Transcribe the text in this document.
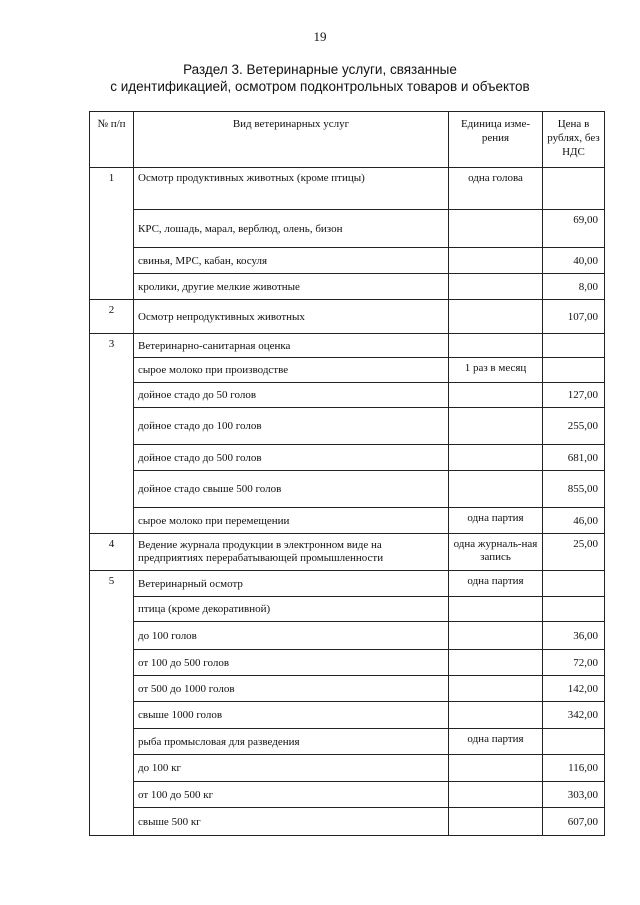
19
Раздел 3. Ветеринарные услуги, связанные
с идентификацией, осмотром подконтрольных товаров и объектов
№ п/п	Вид ветеринарных услуг	Единица изме-рения	Цена в рублях, без НДС
1	Осмотр продуктивных животных (кроме птицы)	одна голова	
	КРС, лошадь, марал, верблюд, олень, бизон		69,00
	свинья, МРС, кабан, косуля		40,00
	кролики, другие мелкие животные		8,00
2	Осмотр непродуктивных животных		107,00
3	Ветеринарно-санитарная оценка		
	сырое молоко при производстве	1 раз в месяц	
	дойное стадо до 50 голов		127,00
	дойное стадо до 100 голов		255,00
	дойное стадо до 500 голов		681,00
	дойное стадо свыше 500 голов		855,00
	сырое молоко при перемещении	одна партия	46,00
4	Ведение журнала продукции в электронном виде на предприятиях перерабатывающей промышленности	одна журналь-ная запись	25,00
5	Ветеринарный осмотр	одна партия	
	птица (кроме декоративной)		
	до 100 голов		36,00
	от 100 до 500 голов		72,00
	от 500 до 1000 голов		142,00
	свыше 1000 голов		342,00
	рыба промысловая для разведения	одна партия	
	до 100 кг		116,00
	от 100 до 500 кг		303,00
	свыше 500 кг		607,00
